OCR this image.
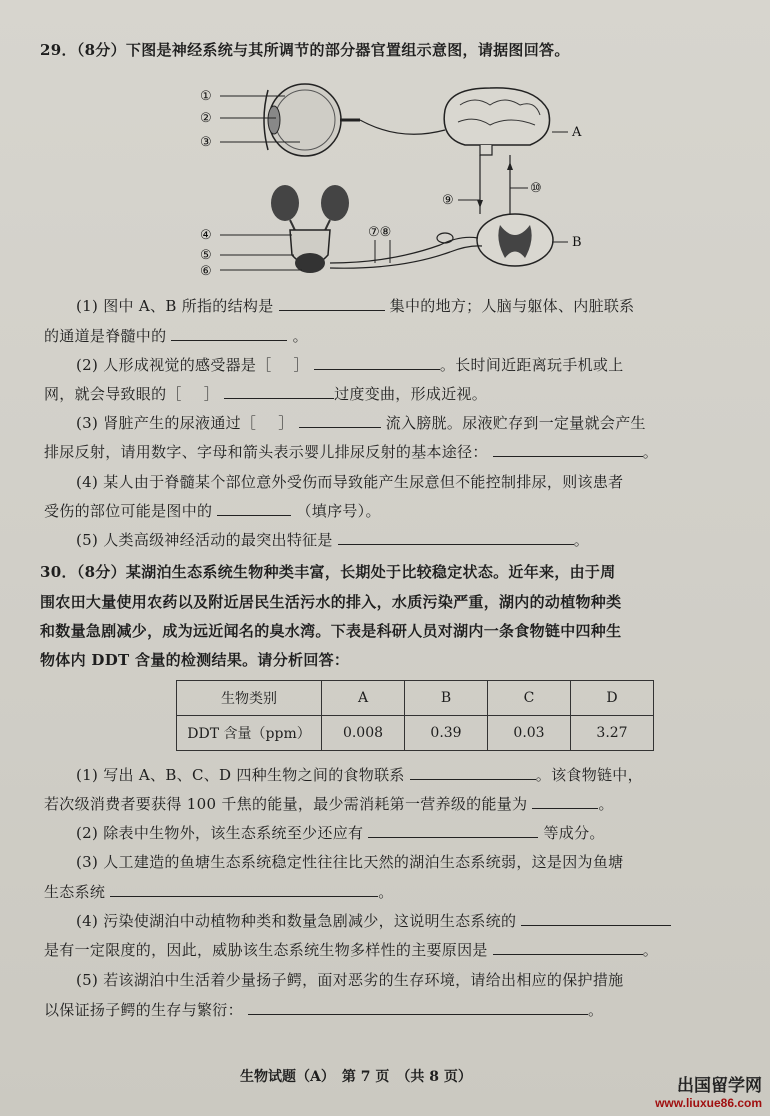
29．（8分）下图是神经系统与其所调节的部分器官置组示意图，请据图回答。
①
②
③
④
⑤
⑥
⑦⑧
⑨
⑩
A
B
(1) 图中 A、B 所指的结构是	集中的地方；人脑与躯体、内脏联系
的通道是脊髓中的	。
(2) 人形成视觉的感受器是［ ］	。长时间近距离玩手机或上
网，就会导致眼的［ ］	过度变曲，形成近视。
(3) 肾脏产生的尿液通过［ ］	流入膀胱。尿液贮存到一定量就会产生
排尿反射，请用数字、字母和箭头表示婴儿排尿反射的基本途径：	。
(4) 某人由于脊髓某个部位意外受伤而导致能产生尿意但不能控制排尿，则该患者
受伤的部位可能是图中的	（填序号）。
(5) 人类高级神经活动的最突出特征是	。
30．（8分）某湖泊生态系统生物种类丰富，长期处于比较稳定状态。近年来，由于周
围农田大量使用农药以及附近居民生活污水的排入，水质污染严重，湖内的动植物种类
和数量急剧减少，成为远近闻名的臭水湾。下表是科研人员对湖内一条食物链中四种生
物体内 DDT 含量的检测结果。请分析回答：
生物类别	A	B	C	D
DDT 含量（ppm）	0.008	0.39	0.03	3.27
(1) 写出 A、B、C、D 四种生物之间的食物联系	。该食物链中，
若次级消费者要获得 100 千焦的能量，最少需消耗第一营养级的能量为	。
(2) 除表中生物外，该生态系统至少还应有	等成分。
(3) 人工建造的鱼塘生态系统稳定性往往比天然的湖泊生态系统弱，这是因为鱼塘
生态系统	。
(4) 污染使湖泊中动植物种类和数量急剧减少，这说明生态系统的
是有一定限度的，因此，威胁该生态系统生物多样性的主要原因是	。
(5) 若该湖泊中生活着少量扬子鳄，面对恶劣的生存环境，请给出相应的保护措施
以保证扬子鳄的生存与繁衍：	。
生物试题（A）　第 7 页　（共 8 页）	出国留学网
www.liuxue86.com
